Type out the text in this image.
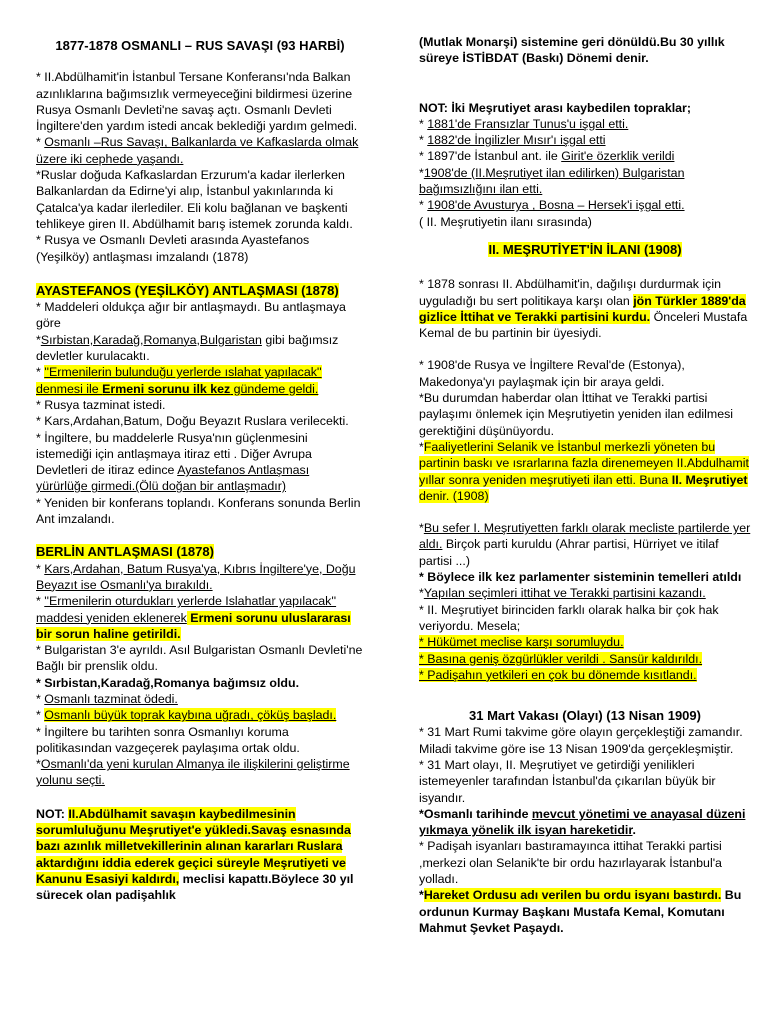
1877-1878 OSMANLI – RUS SAVAŞI (93 HARBİ)

* II.Abdülhamit'in İstanbul Tersane Konferansı'nda Balkan azınlıklarına bağımsızlık vermeyeceğini bildirmesi üzerine Rusya Osmanlı Devleti'ne savaş açtı. Osmanlı Devleti İngiltere'den yardım istedi ancak beklediği yardım gelmedi.

* Osmanlı –Rus Savaşı, Balkanlarda ve Kafkaslarda olmak üzere iki cephede yaşandı.

*Ruslar doğuda Kafkaslardan Erzurum'a kadar ilerlerken Balkanlardan da Edirne'yi alıp, İstanbul yakınlarında ki Çatalca'ya kadar ilerlediler. Eli kolu bağlanan ve başkenti tehlikeye giren II. Abdülhamit barış istemek zorunda kaldı.

* Rusya ve Osmanlı Devleti arasında Ayastefanos (Yeşilköy) antlaşması imzalandı (1878)

AYASTEFANOS (YEŞİLKÖY) ANTLAŞMASI (1878)

* Maddeleri oldukça ağır bir antlaşmaydı. Bu antlaşmaya göre

*Sırbistan,Karadağ,Romanya,Bulgaristan gibi bağımsız devletler kurulacaktı.

* ''Ermenilerin bulunduğu yerlerde ıslahat yapılacak'' denmesi ile Ermeni sorunu ilk kez gündeme geldi.

* Rusya tazminat istedi.

* Kars,Ardahan,Batum, Doğu Beyazıt Ruslara verilecekti.

* İngiltere, bu maddelerle Rusya'nın güçlenmesini istemediği için antlaşmaya itiraz etti . Diğer Avrupa Devletleri de itiraz edince Ayastefanos Antlaşması yürürlüğe girmedi.(Ölü doğan bir antlaşmadır)

* Yeniden bir konferans toplandı. Konferans sonunda Berlin Ant imzalandı.

BERLİN ANTLAŞMASI (1878)

* Kars,Ardahan, Batum Rusya'ya, Kıbrıs İngiltere'ye, Doğu Beyazıt ise Osmanlı'ya bırakıldı.

* ''Ermenilerin oturdukları yerlerde Islahatlar yapılacak'' maddesi yeniden eklenerek Ermeni sorunu uluslararası bir sorun haline getirildi.

* Bulgaristan 3'e ayrıldı. Asıl Bulgaristan Osmanlı Devleti'ne Bağlı bir prenslik oldu.

* Sırbistan,Karadağ,Romanya bağımsız oldu.

* Osmanlı tazminat ödedi.

* Osmanlı büyük toprak kaybına uğradı, çöküş başladı.

* İngiltere bu tarihten sonra Osmanlıyı koruma politikasından vazgeçerek paylaşıma ortak oldu.

*Osmanlı'da yeni kurulan Almanya ile ilişkilerini geliştirme yolunu seçti.

NOT: II.Abdülhamit savaşın kaybedilmesinin sorumluluğunu Meşrutiyet'e yükledi.Savaş esnasında bazı azınlık milletvekillerinin alınan kararları Ruslara aktardığını iddia ederek geçici süreyle Meşrutiyeti ve Kanunu Esasiyi kaldırdı, meclisi kapattı.Böylece 30 yıl sürecek olan padişahlık

(Mutlak Monarşi) sistemine geri dönüldü.Bu 30 yıllık süreye İSTİBDAT (Baskı) Dönemi denir.

NOT: İki Meşrutiyet arası kaybedilen topraklar;

* 1881'de Fransızlar Tunus'u işgal etti.

* 1882'de İngilizler Mısır'ı işgal etti

* 1897'de İstanbul ant. ile Girit'e özerklik verildi

*1908'de (II.Meşrutiyet ilan edilirken) Bulgaristan bağımsızlığını ilan etti.

* 1908'de Avusturya , Bosna – Hersek'i işgal etti.

( II. Meşrutiyetin ilanı sırasında)

II. MEŞRUTİYET'İN İLANI (1908)

* 1878 sonrası II. Abdülhamit'in, dağılışı durdurmak için uyguladığı bu sert politikaya karşı olan jön Türkler 1889'da gizlice İttihat ve Terakki partisini kurdu. Önceleri Mustafa Kemal de bu partinin bir üyesiydi.

* 1908'de Rusya ve İngiltere Reval'de (Estonya), Makedonya'yı paylaşmak için bir araya geldi.

*Bu durumdan haberdar olan İttihat ve Terakki partisi paylaşımı önlemek için Meşrutiyetin yeniden ilan edilmesi gerektiğini düşünüyordu.

*Faaliyetlerini Selanik ve İstanbul merkezli yöneten bu partinin baskı ve ısrarlarına fazla direnemeyen II.Abdulhamit yıllar sonra yeniden meşrutiyeti ilan etti. Buna II. Meşrutiyet denir. (1908)

*Bu sefer I. Meşrutiyetten farklı olarak mecliste partilerde yer aldı. Birçok parti kuruldu (Ahrar partisi, Hürriyet ve itilaf partisi ...)

* Böylece ilk kez parlamenter sisteminin temelleri atıldı

*Yapılan seçimleri ittihat ve Terakki partisini kazandı.

* II. Meşrutiyet birinciden farklı olarak halka bir çok hak veriyordu. Mesela;

* Hükümet meclise karşı sorumluydu.

* Basına geniş özgürlükler verildi . Sansür kaldırıldı.

* Padişahın yetkileri en çok bu dönemde kısıtlandı.

31 Mart Vakası (Olayı) (13 Nisan 1909)

* 31 Mart Rumi takvime göre olayın gerçekleştiği zamandır. Miladi takvime göre ise 13 Nisan 1909'da gerçekleşmiştir.

* 31 Mart olayı, II. Meşrutiyet ve getirdiği yenilikleri istemeyenler tarafından İstanbul'da çıkarılan büyük bir isyandır.

*Osmanlı tarihinde mevcut yönetimi ve anayasal düzeni yıkmaya yönelik ilk isyan hareketidir.

* Padişah isyanları bastıramayınca ittihat Terakki partisi ,merkezi olan Selanik'te bir ordu hazırlayarak İstanbul'a yolladı.

*Hareket Ordusu adı verilen bu ordu isyanı bastırdı. Bu ordunun Kurmay Başkanı Mustafa Kemal, Komutanı Mahmut Şevket Paşaydı.
